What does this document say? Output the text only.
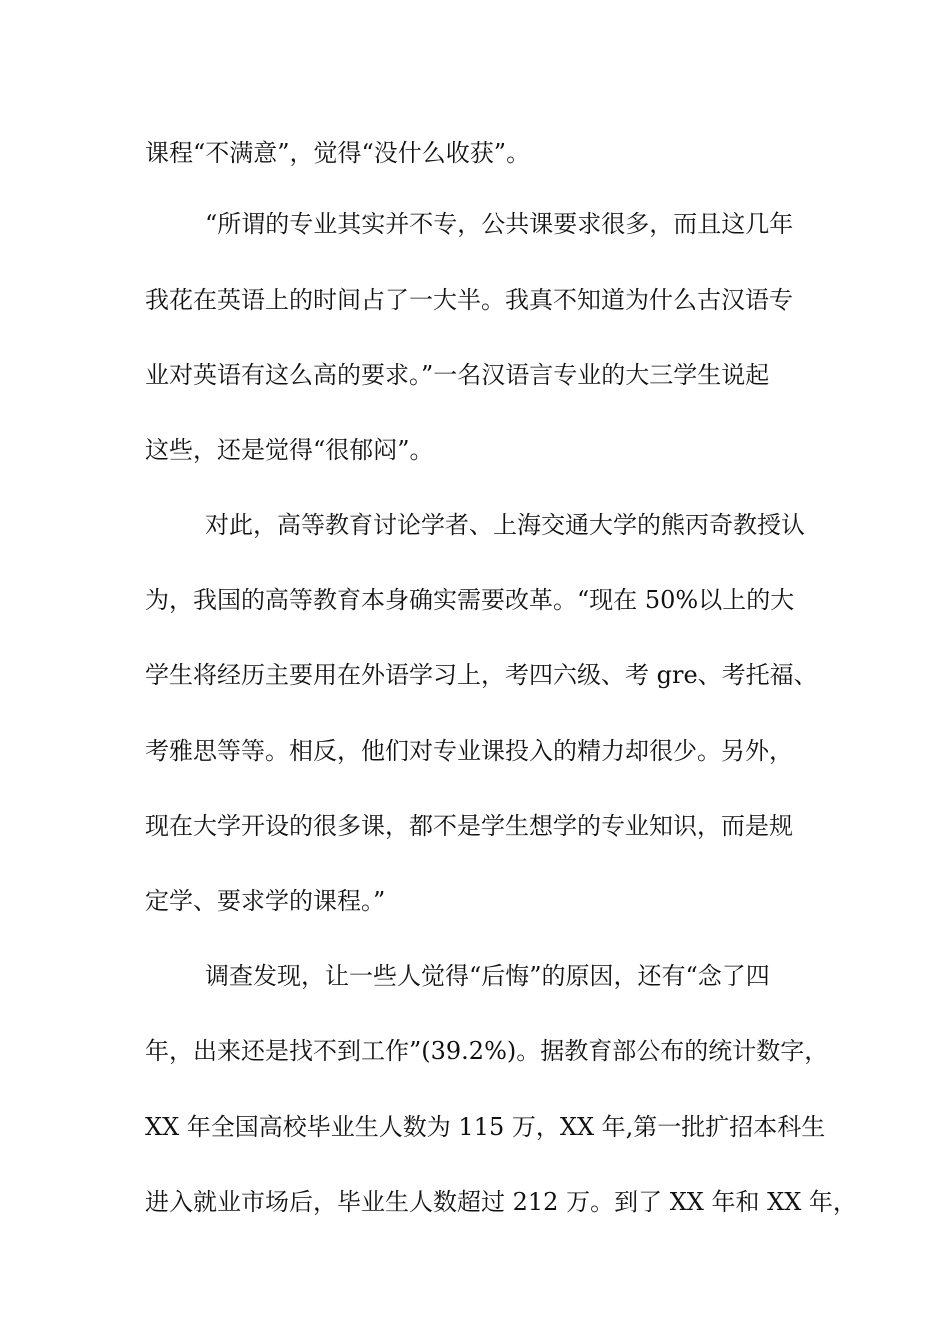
课程“不满意”，觉得“没什么收获”。
“所谓的专业其实并不专，公共课要求很多，而且这几年
我花在英语上的时间占了一大半。我真不知道为什么古汉语专
业对英语有这么高的要求。”一名汉语言专业的大三学生说起
这些，还是觉得“很郁闷”。
对此，高等教育讨论学者、上海交通大学的熊丙奇教授认
为，我国的高等教育本身确实需要改革。“现在 50%以上的大
学生将经历主要用在外语学习上，考四六级、考 gre、考托福、
考雅思等等。相反，他们对专业课投入的精力却很少。另外，
现在大学开设的很多课，都不是学生想学的专业知识，而是规
定学、要求学的课程。”
调查发现，让一些人觉得“后悔”的原因，还有“念了四
年，出来还是找不到工作”(39.2%)。据教育部公布的统计数字，
XX 年全国高校毕业生人数为 115 万，XX 年,第一批扩招本科生
进入就业市场后，毕业生人数超过 212 万。到了 XX 年和 XX 年，
